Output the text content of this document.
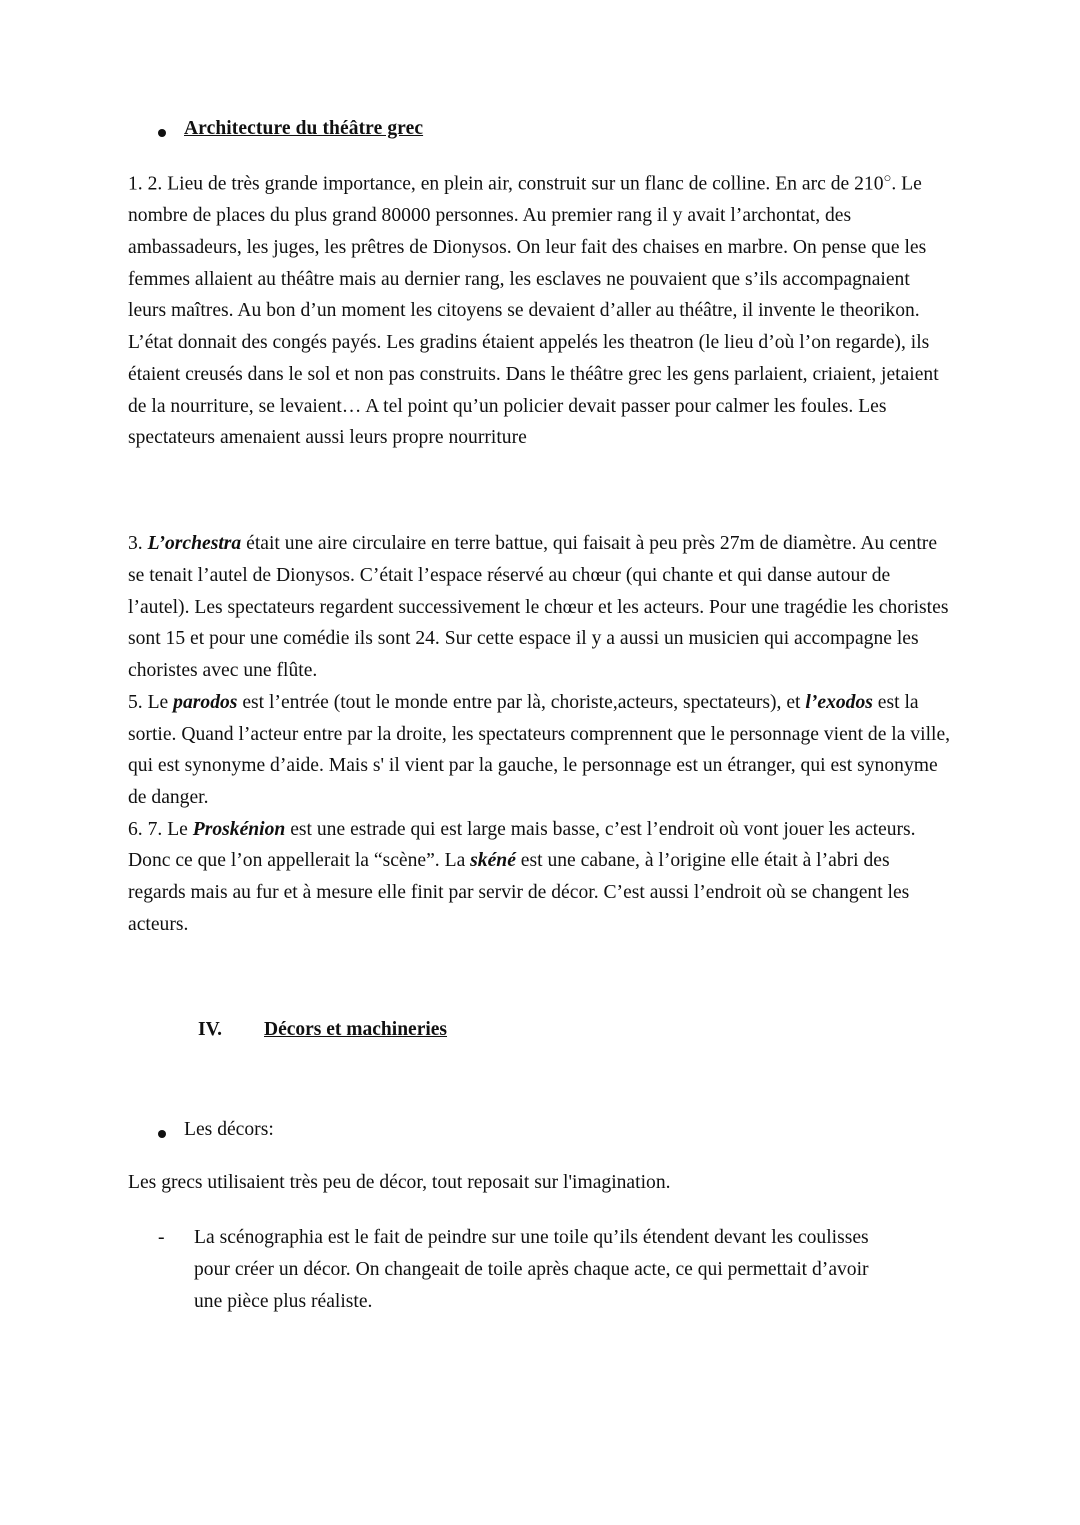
Architecture du théâtre grec

1. 2. Lieu de très grande importance, en plein air, construit sur un flanc de colline. En arc de 210○. Le nombre de places du plus grand 80000 personnes. Au premier rang il y avait l’archontat, des ambassadeurs, les juges, les prêtres de Dionysos. On leur fait des chaises en marbre. On pense que les femmes allaient au théâtre mais au dernier rang, les esclaves ne pouvaient que s’ils accompagnaient leurs maîtres. Au bon d’un moment les citoyens se devaient d’aller au théâtre, il invente le theorikon. L’état donnait des congés payés. Les gradins étaient appelés les theatron (le lieu d’où l’on regarde), ils étaient creusés dans le sol et non pas construits. Dans le théâtre grec les gens parlaient, criaient, jetaient de la nourriture, se levaient… A tel point qu’un policier devait passer pour calmer les foules. Les spectateurs amenaient aussi leurs propre nourriture

3. L’orchestra était une aire circulaire en terre battue, qui faisait à peu près 27m de diamètre. Au centre se tenait l’autel de Dionysos. C’était l’espace réservé au chœur (qui chante et qui danse autour de l’autel). Les spectateurs regardent successivement le chœur et les acteurs. Pour une tragédie les choristes sont 15 et pour une comédie ils sont 24. Sur cette espace il y a aussi un musicien qui accompagne les choristes avec une flûte.

5. Le parodos est l’entrée (tout le monde entre par là, choriste,acteurs, spectateurs), et l’exodos est la sortie. Quand l’acteur entre par la droite, les spectateurs comprennent que le personnage vient de la ville, qui est synonyme d’aide. Mais s' il vient par la gauche, le personnage est un étranger, qui est synonyme de danger.

6. 7. Le Proskénion est une estrade qui est large mais basse, c’est l’endroit où vont jouer les acteurs. Donc ce que l’on appellerait la “scène”. La skéné est une cabane, à l’origine elle était à l’abri des regards mais au fur et à mesure elle finit par servir de décor. C’est aussi l’endroit où se changent les acteurs.

IV.	Décors et machineries
Les décors:

Les grecs utilisaient très peu de décor, tout reposait sur l'imagination.

-	La scénographia est le fait de peindre sur une toile qu’ils étendent devant les coulisses pour créer un décor. On changeait de toile après chaque acte, ce qui permettait d’avoir une pièce plus réaliste.
